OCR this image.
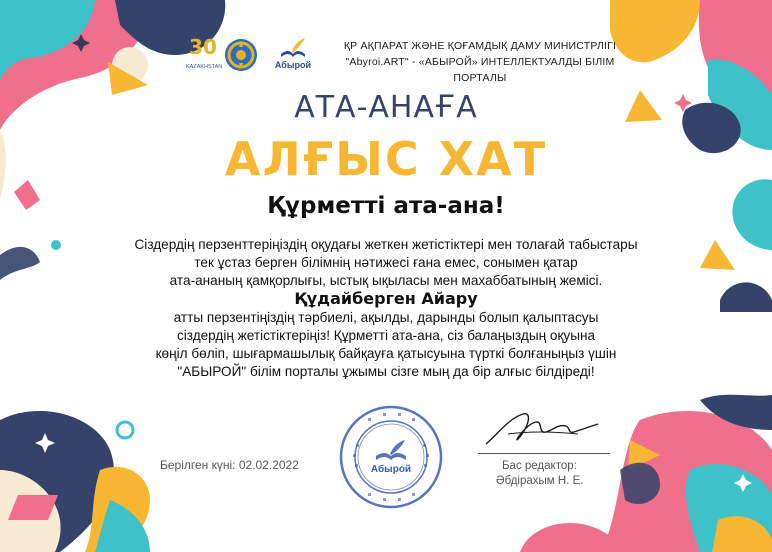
30
KAZAKHSTAN	Абырой
ҚР АҚПАРАТ ЖӘНЕ ҚОҒАМДЫҚ ДАМУ МИНИСТРЛІГІ
"Abyroi.ART" - «АБЫРОЙ» ИНТЕЛЛЕКТУАЛДЫ БІЛІМ ПОРТАЛЫ
АТА-АНАҒА
АЛҒЫС ХАТ
Құрметті ата-ана!
Сіздердің перзенттеріңіздің оқудағы жеткен жетістіктері мен толағай табыстары
тек ұстаз берген білімнің нәтижесі ғана емес, сонымен қатар
ата-ананың қамқорлығы, ыстық ықыласы мен махаббатының жемісі.
Құдайберген Айару
атты перзентіңіздің тәрбиелі, ақылды, дарынды болып қалыптасуы
сіздердің жетістіктеріңіз! Құрметті ата-ана, сіз балаңыздың оқуына
көңіл бөліп, шығармашылық байқауға қатысуына түрткі болғаныңыз үшін
"АБЫРОЙ" білім порталы ұжымы сізге мың да бір алғыс білдіреді!
Берілген күні: 02.02.2022	Абырой	Бас редактор:
Әбдірахым Н. Е.
